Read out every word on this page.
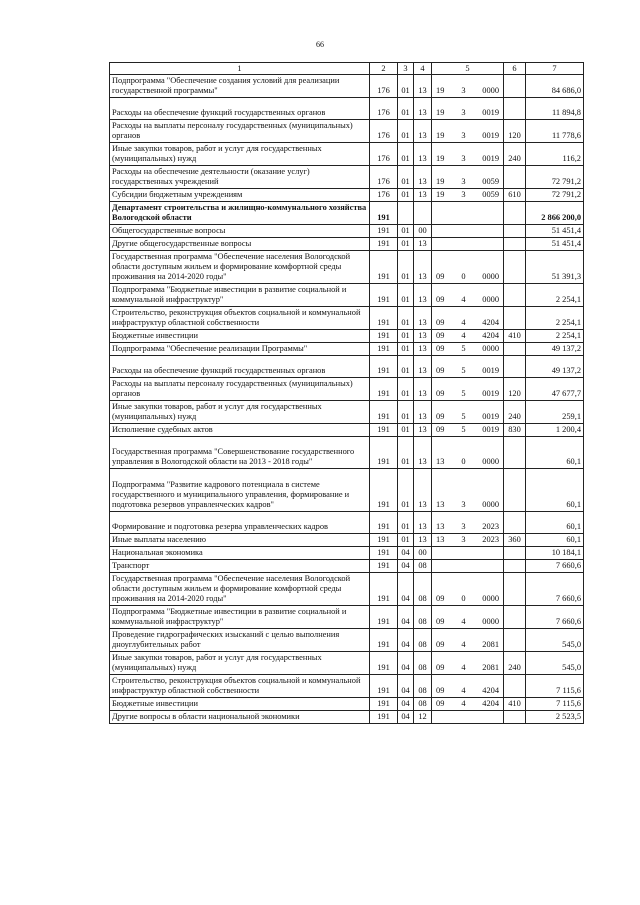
66
1	2	3	4	5	6	7
Подпрограмма "Обеспечение создания условий для реализации государственной программы"	176	01	13	19 3 0000		84 686,0
Расходы на обеспечение функций государственных органов	176	01	13	19 3 0019		11 894,8
Расходы на выплаты персоналу государственных (муниципальных) органов	176	01	13	19 3 0019	120	11 778,6
Иные закупки товаров, работ и услуг для государственных (муниципальных) нужд	176	01	13	19 3 0019	240	116,2
Расходы на обеспечение деятельности (оказание услуг) государственных учреждений	176	01	13	19 3 0059		72 791,2
Субсидии бюджетным учреждениям	176	01	13	19 3 0059	610	72 791,2
Департамент строительства и жилищно-коммунального хозяйства Вологодской области	191					2 866 200,0
Общегосударственные вопросы	191	01	00			51 451,4
Другие общегосударственные вопросы	191	01	13			51 451,4
Государственная программа "Обеспечение населения Вологодской области доступным жильем и формирование комфортной среды проживания на 2014-2020 годы"	191	01	13	09 0 0000		51 391,3
Подпрограмма "Бюджетные инвестиции в развитие социальной и коммунальной инфраструктур"	191	01	13	09 4 0000		2 254,1
Строительство, реконструкция объектов социальной и коммунальной инфраструктур областной собственности	191	01	13	09 4 4204		2 254,1
Бюджетные инвестиции	191	01	13	09 4 4204	410	2 254,1
Подпрограмма "Обеспечение реализации Программы"	191	01	13	09 5 0000		49 137,2
Расходы на обеспечение функций государственных органов	191	01	13	09 5 0019		49 137,2
Расходы на выплаты персоналу государственных (муниципальных) органов	191	01	13	09 5 0019	120	47 677,7
Иные закупки товаров, работ и услуг для государственных (муниципальных) нужд	191	01	13	09 5 0019	240	259,1
Исполнение судебных актов	191	01	13	09 5 0019	830	1 200,4
Государственная программа "Совершенствование государственного управления в Вологодской области на 2013 - 2018 годы"	191	01	13	13 0 0000		60,1
Подпрограмма "Развитие кадрового потенциала в системе государственного и муниципального управления, формирование и подготовка резервов управленческих кадров"	191	01	13	13 3 0000		60,1
Формирование и подготовка резерва управленческих кадров	191	01	13	13 3 2023		60,1
Иные выплаты населению	191	01	13	13 3 2023	360	60,1
Национальная экономика	191	04	00			10 184,1
Транспорт	191	04	08			7 660,6
Государственная программа "Обеспечение населения Вологодской области доступным жильем и формирование комфортной среды проживания на 2014-2020 годы"	191	04	08	09 0 0000		7 660,6
Подпрограмма "Бюджетные инвестиции в развитие социальной и коммунальной инфраструктур"	191	04	08	09 4 0000		7 660,6
Проведение гидрографических изысканий с целью выполнения дноуглубительных работ	191	04	08	09 4 2081		545,0
Иные закупки товаров, работ и услуг для государственных (муниципальных) нужд	191	04	08	09 4 2081	240	545,0
Строительство, реконструкция объектов социальной и коммунальной инфраструктур областной собственности	191	04	08	09 4 4204		7 115,6
Бюджетные инвестиции	191	04	08	09 4 4204	410	7 115,6
Другие вопросы в области национальной экономики	191	04	12			2 523,5
